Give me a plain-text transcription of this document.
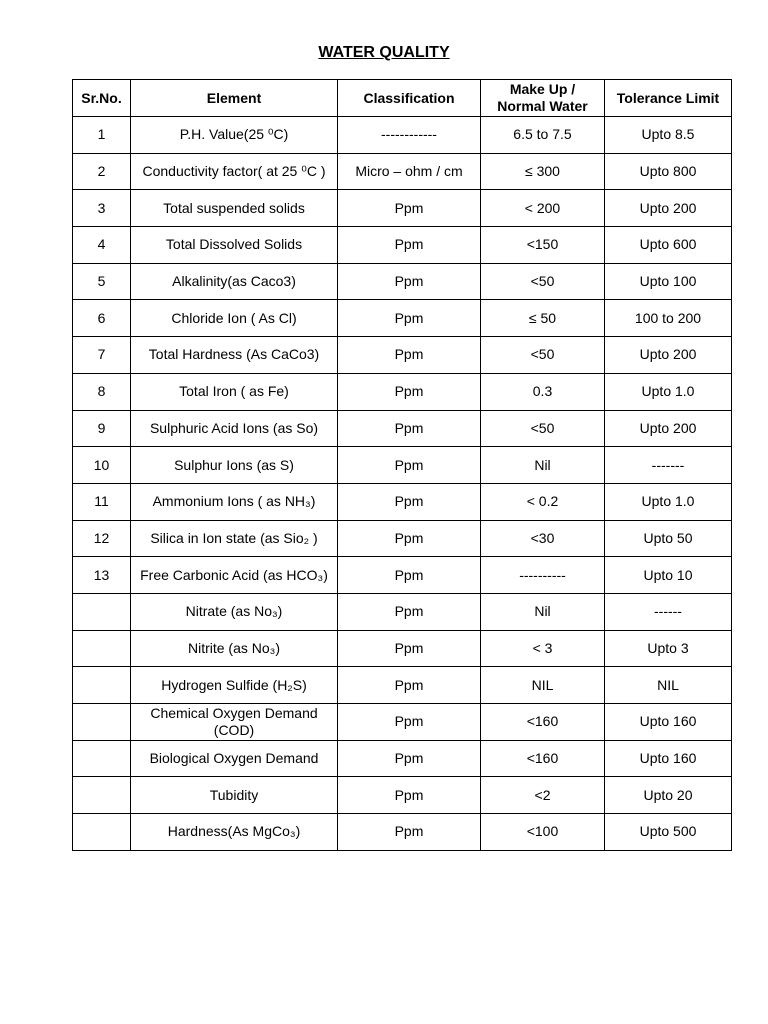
WATER QUALITY
Sr.No.	Element	Classification	Make Up /
Normal Water	Tolerance Limit
1	P.H. Value(25 ⁰C)	------------	6.5 to 7.5	Upto 8.5
2	Conductivity factor( at 25 ⁰C )	Micro – ohm / cm	≤ 300	Upto 800
3	Total suspended solids	Ppm	< 200	Upto 200
4	Total Dissolved Solids	Ppm	<150	Upto 600
5	Alkalinity(as Caco3)	Ppm	<50	Upto 100
6	Chloride Ion ( As Cl)	Ppm	≤ 50	100 to 200
7	Total Hardness (As CaCo3)	Ppm	<50	Upto 200
8	Total Iron ( as Fe)	Ppm	0.3	Upto 1.0
9	Sulphuric Acid Ions (as So)	Ppm	<50	Upto 200
10	Sulphur Ions (as S)	Ppm	Nil	-------
11	Ammonium Ions ( as NH₃)	Ppm	< 0.2	Upto 1.0
12	Silica in Ion state (as Sio₂ )	Ppm	<30	Upto 50
13	Free Carbonic Acid (as HCO₃)	Ppm	----------	Upto 10
	Nitrate (as No₃)	Ppm	Nil	------
	Nitrite (as No₃)	Ppm	< 3	Upto 3
	Hydrogen Sulfide (H₂S)	Ppm	NIL	NIL
	Chemical Oxygen Demand
(COD)	Ppm	<160	Upto 160
	Biological Oxygen Demand	Ppm	<160	Upto 160
	Tubidity	Ppm	<2	Upto 20
	Hardness(As MgCo₃)	Ppm	<100	Upto 500
